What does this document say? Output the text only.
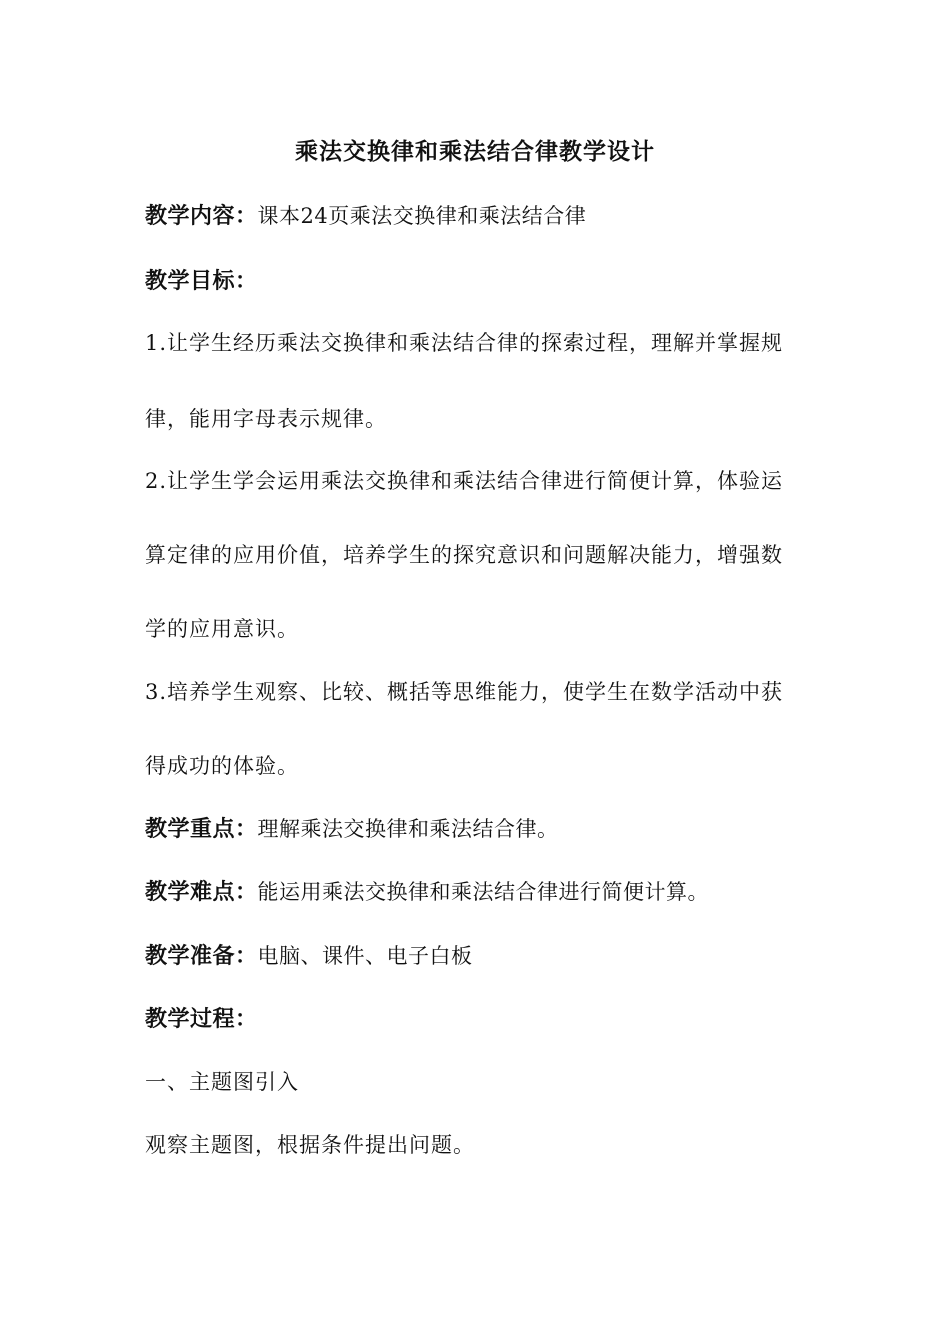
乘法交换律和乘法结合律教学设计
教学内容：课本24页乘法交换律和乘法结合律
教学目标：
1.让学生经历乘法交换律和乘法结合律的探索过程，理解并掌握规
律，能用字母表示规律。
2.让学生学会运用乘法交换律和乘法结合律进行简便计算，体验运
算定律的应用价值，培养学生的探究意识和问题解决能力，增强数
学的应用意识。
3.培养学生观察、比较、概括等思维能力，使学生在数学活动中获
得成功的体验。
教学重点：理解乘法交换律和乘法结合律。
教学难点：能运用乘法交换律和乘法结合律进行简便计算。
教学准备：电脑、课件、电子白板
教学过程：
一、主题图引入
观察主题图，根据条件提出问题。
